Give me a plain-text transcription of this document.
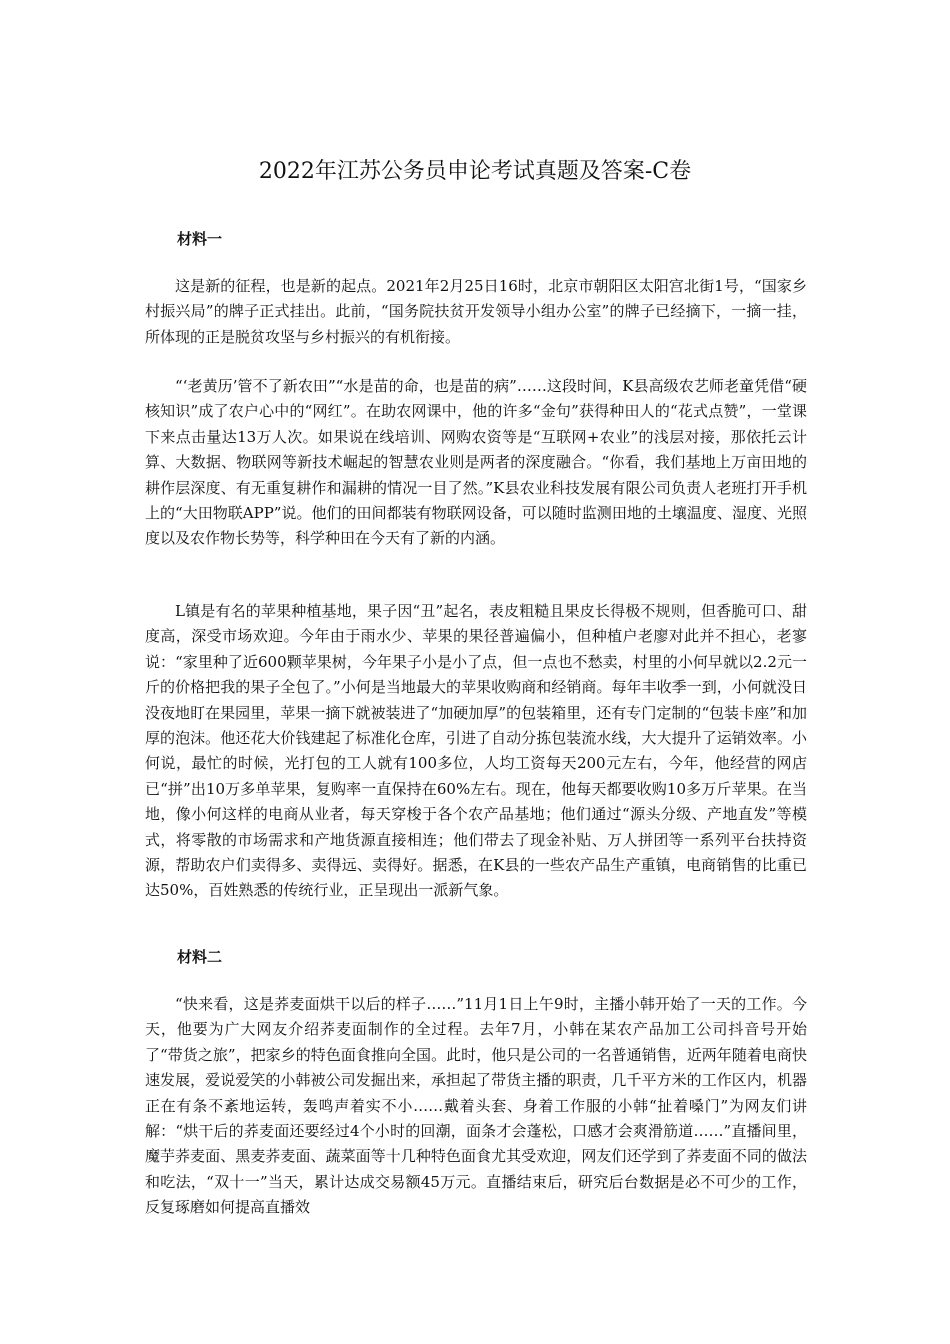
2022年江苏公务员申论考试真题及答案-C卷
材料一

这是新的征程，也是新的起点。2021年2月25日16时，北京市朝阳区太阳宫北街1号，“国家乡村振兴局”的牌子正式挂出。此前，“国务院扶贫开发领导小组办公室”的牌子已经摘下，一摘一挂，所体现的正是脱贫攻坚与乡村振兴的有机衔接。

“‘老黄历’管不了新农田”“水是苗的命，也是苗的病”……这段时间，K县高级农艺师老童凭借“硬核知识”成了农户心中的“网红”。在助农网课中，他的许多“金句”获得种田人的“花式点赞”，一堂课下来点击量达13万人次。如果说在线培训、网购农资等是“互联网+农业”的浅层对接，那依托云计算、大数据、物联网等新技术崛起的智慧农业则是两者的深度融合。“你看，我们基地上万亩田地的耕作层深度、有无重复耕作和漏耕的情况一目了然。”K县农业科技发展有限公司负责人老班打开手机上的“大田物联APP”说。他们的田间都装有物联网设备，可以随时监测田地的土壤温度、湿度、光照度以及农作物长势等，科学种田在今天有了新的内涵。

L镇是有名的苹果种植基地，果子因“丑”起名，表皮粗糙且果皮长得极不规则，但香脆可口、甜度高，深受市场欢迎。今年由于雨水少、苹果的果径普遍偏小，但种植户老廖对此并不担心，老寥说：“家里种了近600颗苹果树，今年果子小是小了点，但一点也不愁卖，村里的小何早就以2.2元一斤的价格把我的果子全包了。”小何是当地最大的苹果收购商和经销商。每年丰收季一到，小何就没日没夜地盯在果园里，苹果一摘下就被装进了“加硬加厚”的包装箱里，还有专门定制的“包装卡座”和加厚的泡沫。他还花大价钱建起了标准化仓库，引进了自动分拣包装流水线，大大提升了运销效率。小何说，最忙的时候，光打包的工人就有100多位，人均工资每天200元左右，今年，他经营的网店已“拼”出10万多单苹果，复购率一直保持在60%左右。现在，他每天都要收购10多万斤苹果。在当地，像小何这样的电商从业者，每天穿梭于各个农产品基地；他们通过“源头分级、产地直发”等模式，将零散的市场需求和产地货源直接相连；他们带去了现金补贴、万人拼团等一系列平台扶持资源，帮助农户们卖得多、卖得远、卖得好。据悉，在K县的一些农产品生产重镇，电商销售的比重已达50%，百姓熟悉的传统行业，正呈现出一派新气象。

材料二

“快来看，这是荞麦面烘干以后的样子……”11月1日上午9时，主播小韩开始了一天的工作。今天，他要为广大网友介绍荞麦面制作的全过程。去年7月，小韩在某农产品加工公司抖音号开始了“带货之旅”，把家乡的特色面食推向全国。此时，他只是公司的一名普通销售，近两年随着电商快速发展，爱说爱笑的小韩被公司发掘出来，承担起了带货主播的职责，几千平方米的工作区内，机器正在有条不紊地运转，轰鸣声着实不小……戴着头套、身着工作服的小韩“扯着嗓门”为网友们讲解：“烘干后的荞麦面还要经过4个小时的回潮，面条才会蓬松，口感才会爽滑筋道……”直播间里，魔芋荞麦面、黑麦荞麦面、蔬菜面等十几种特色面食尤其受欢迎，网友们还学到了荞麦面不同的做法和吃法，“双十一”当天，累计达成交易额45万元。直播结束后，研究后台数据是必不可少的工作，反复琢磨如何提高直播效
